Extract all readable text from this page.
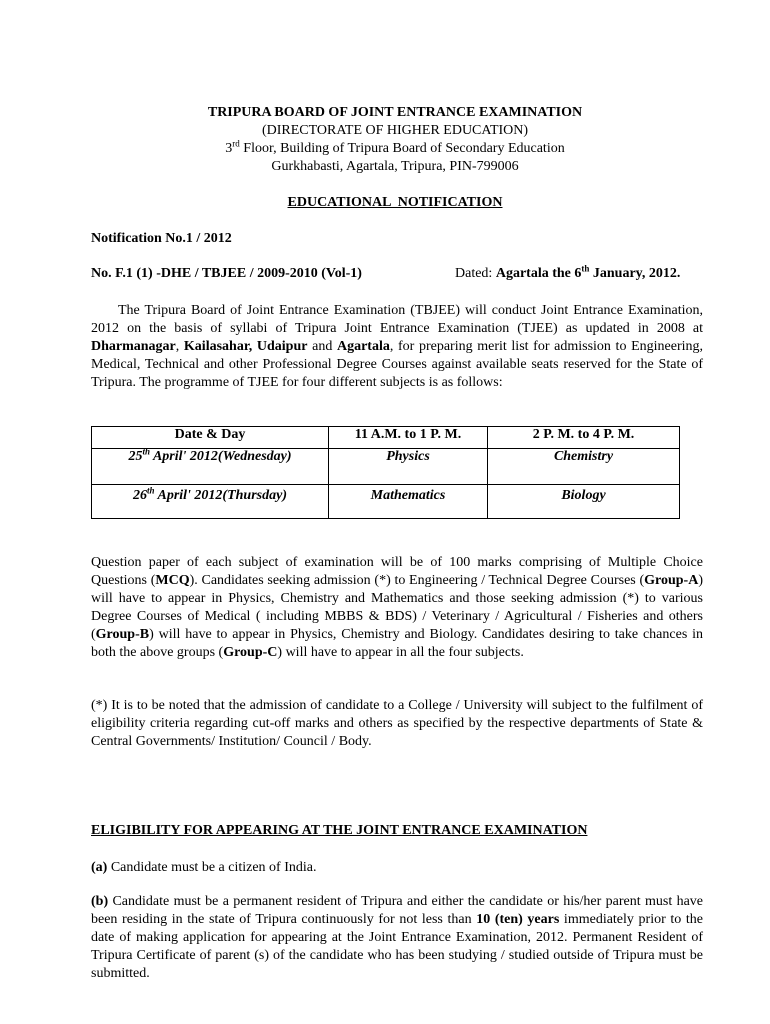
TRIPURA BOARD OF JOINT ENTRANCE EXAMINATION
(DIRECTORATE OF HIGHER EDUCATION)
3rd Floor, Building of Tripura Board of Secondary Education
Gurkhabasti, Agartala, Tripura, PIN-799006
EDUCATIONAL  NOTIFICATION
Notification No.1 / 2012
No. F.1 (1) -DHE / TBJEE / 2009-2010 (Vol-1)	Dated: Agartala the 6th January, 2012.
The Tripura Board of Joint Entrance Examination (TBJEE) will conduct Joint Entrance Examination, 2012 on the basis of syllabi of Tripura Joint Entrance Examination (TJEE) as updated in 2008 at Dharmanagar, Kailasahar, Udaipur and Agartala, for preparing merit list for admission to Engineering, Medical, Technical and other Professional Degree Courses against available seats reserved for the State of Tripura. The programme of TJEE for four different subjects is as follows:
Date & Day	11 A.M. to 1 P. M.	2 P. M. to 4 P. M.
25th April' 2012(Wednesday)	Physics	Chemistry
26th April' 2012(Thursday)	Mathematics	Biology
Question paper of each subject of examination will be of 100 marks comprising of Multiple Choice Questions (MCQ). Candidates seeking admission (*) to Engineering / Technical Degree Courses (Group-A) will have to appear in Physics, Chemistry and Mathematics and those seeking admission (*) to various Degree Courses of Medical ( including MBBS & BDS) / Veterinary / Agricultural / Fisheries and others (Group-B) will have to appear in Physics, Chemistry and Biology. Candidates desiring to take chances in both the above groups (Group-C) will have to appear in all the four subjects.
(*) It is to be noted that the admission of candidate to a College / University will subject to the fulfilment of eligibility criteria regarding cut-off marks and others as specified by the respective departments of State & Central Governments/ Institution/ Council / Body.
ELIGIBILITY FOR APPEARING AT THE JOINT ENTRANCE EXAMINATION
(a) Candidate must be a citizen of India.
(b) Candidate must be a permanent resident of Tripura and either the candidate or his/her parent must have been residing in the state of Tripura continuously for not less than 10 (ten) years immediately prior to the date of making application for appearing at the Joint Entrance Examination, 2012. Permanent Resident of Tripura Certificate of parent (s) of the candidate who has been studying / studied outside of Tripura must be submitted.
